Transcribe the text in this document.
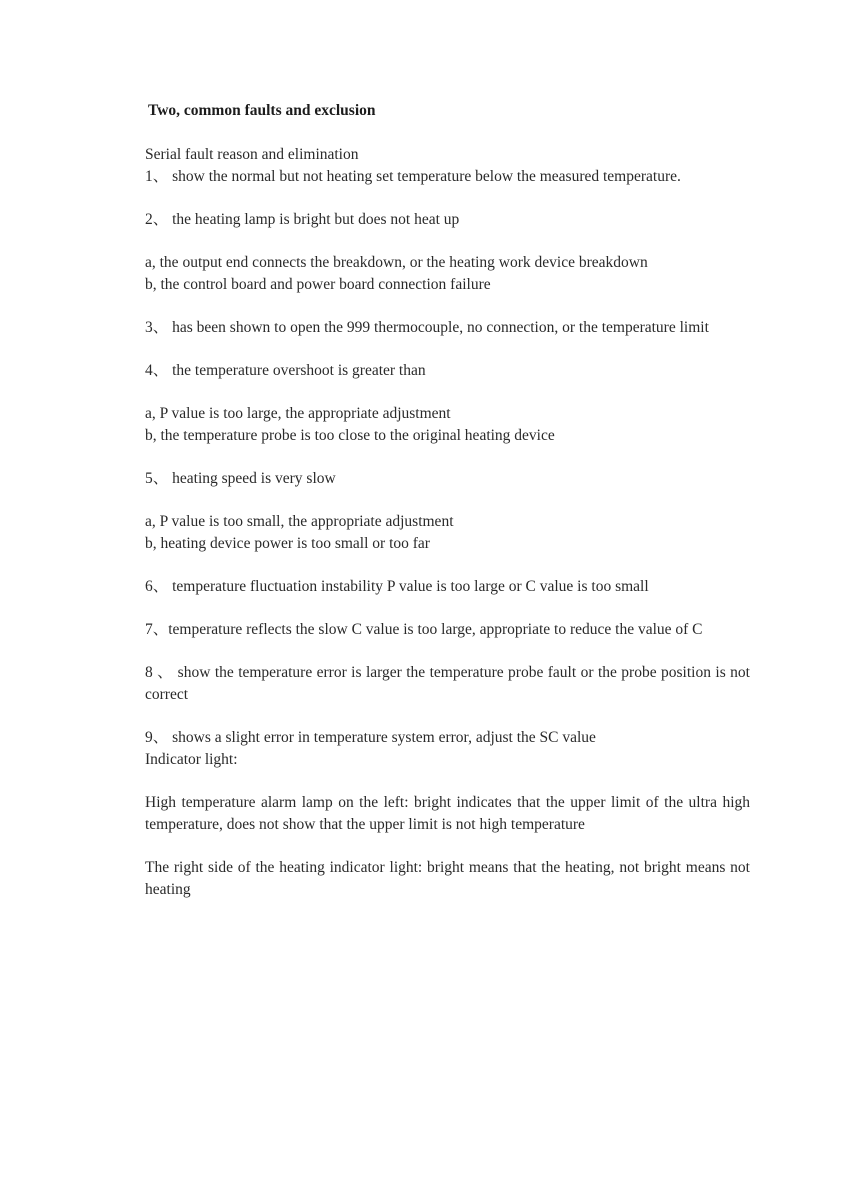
Two, common faults and exclusion

Serial fault reason and elimination

1、 show the normal but not heating set temperature below the measured temperature.

2、 the heating lamp is bright but does not heat up

a, the output end connects the breakdown, or the heating work device breakdown

b, the control board and power board connection failure

3、 has been shown to open the 999 thermocouple, no connection, or the temperature limit

4、 the temperature overshoot is greater than

a, P value is too large, the appropriate adjustment

b, the temperature probe is too close to the original heating device

5、 heating speed is very slow

a, P value is too small, the appropriate adjustment

b, heating device power is too small or too far

6、 temperature fluctuation instability P value is too large or C value is too small

7、temperature reflects the slow C value is too large, appropriate to reduce the value of C

8 、 show the temperature error is larger the temperature probe fault or the probe position is not correct

9、 shows a slight error in temperature system error, adjust the SC value

Indicator light:

High temperature alarm lamp on the left: bright indicates that the upper limit of the ultra high temperature, does not show that the upper limit is not high temperature

The right side of the heating indicator light: bright means that the heating, not bright means not heating
